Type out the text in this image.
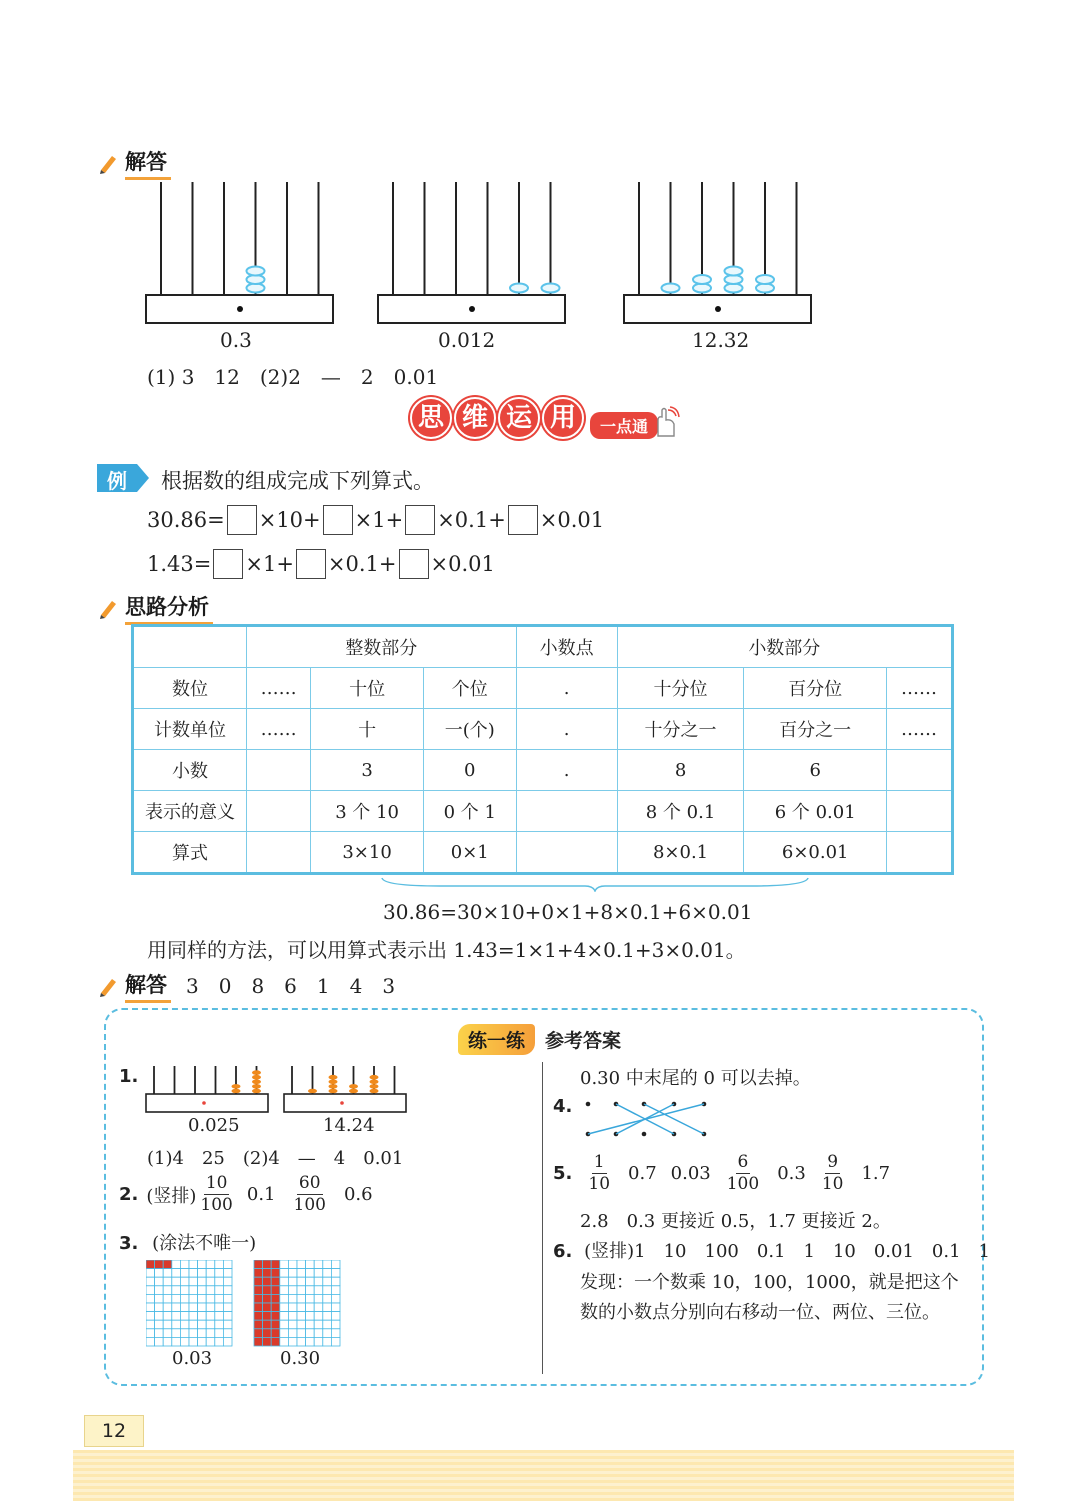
解答
0.3	0.012	12.32
(1) 3　12　(2)2　—　2　0.01
思 维 运 用	一点通
例 根据数的组成完成下列算式。
30.86= ×10+ ×1+ ×0.1+ ×0.01
1.43= ×1+ ×0.1+ ×0.01
思路分析
	整数部分			小数点	小数部分		
数位	……	十位	个位	.	十分位	百分位	……
计数单位	……	十	一(个)	.	十分之一	百分之一	……
小数		3	0	.	8	6	
表示的意义		3 个 10	0 个 1		8 个 0.1	6 个 0.01	
算式		3×10	0×1		8×0.1	6×0.01	
30.86=30×10+0×1+8×0.1+6×0.01
用同样的方法，可以用算式表示出 1.43=1×1+4×0.1+3×0.01。
解答 3　0　8　6　1　4　3
练一练	参考答案
1.
0.025	14.24
(1)4　25　(2)4　—　4　0.01
2. (竖排) $\frac{10}{100} 0.1 \frac{60}{100} 0.6$
3. (涂法不唯一)
0.03	0.30
0.30 中末尾的 0 可以去掉。
4.
5. $\frac{1}{10} 0.7$ $0.03 \frac{6}{100} 0.3 \frac{9}{10} 1.7$
2.8　0.3 更接近 0.5，1.7 更接近 2。
6. (竖排)1　10　100　0.1　1　10　0.01　0.1　1
发现：一个数乘 10，100，1000，就是把这个
数的小数点分别向右移动一位、两位、三位。
12
